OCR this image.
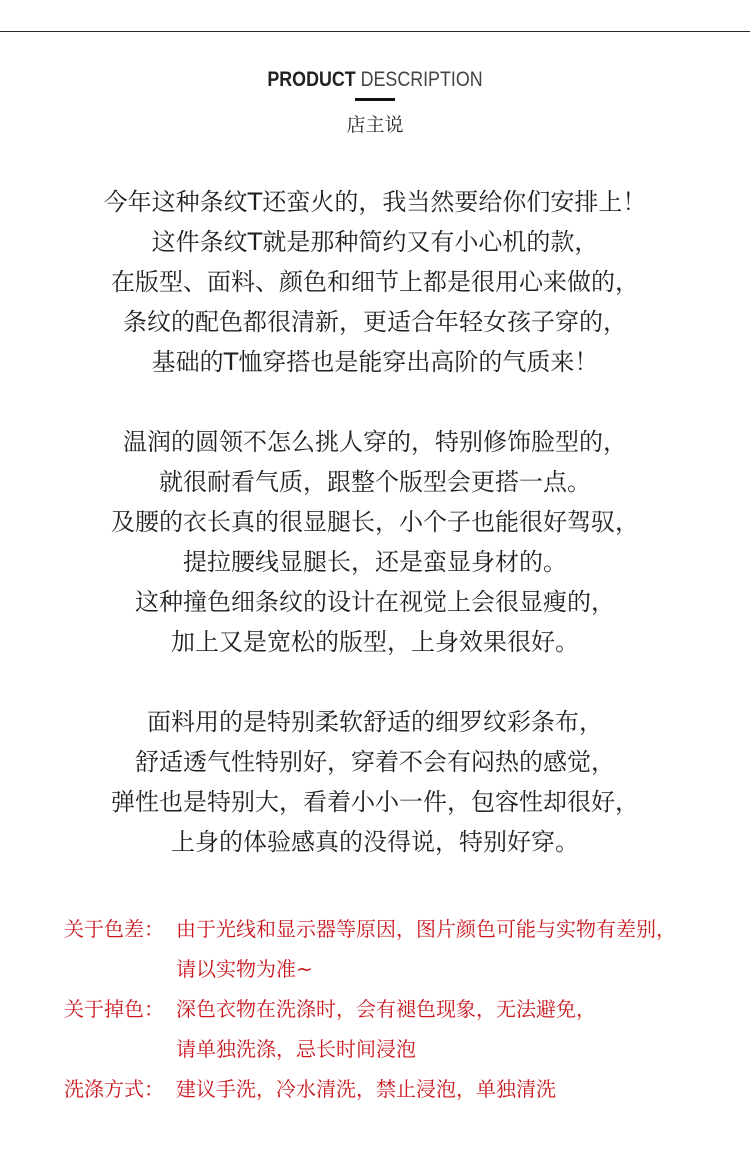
PRODUCT DESCRIPTION
店主说
今年这种条纹T还蛮火的，我当然要给你们安排上！
这件条纹T就是那种简约又有小心机的款，
在版型、面料、颜色和细节上都是很用心来做的，
条纹的配色都很清新，更适合年轻女孩子穿的，
基础的T恤穿搭也是能穿出高阶的气质来！
温润的圆领不怎么挑人穿的，特别修饰脸型的，
就很耐看气质，跟整个版型会更搭一点。
及腰的衣长真的很显腿长，小个子也能很好驾驭，
提拉腰线显腿长，还是蛮显身材的。
这种撞色细条纹的设计在视觉上会很显瘦的，
加上又是宽松的版型，上身效果很好。
面料用的是特别柔软舒适的细罗纹彩条布，
舒适透气性特别好，穿着不会有闷热的感觉，
弹性也是特别大，看着小小一件，包容性却很好，
上身的体验感真的没得说，特别好穿。
关于色差： 由于光线和显示器等原因，图片颜色可能与实物有差别，
请以实物为准~
关于掉色： 深色衣物在洗涤时，会有褪色现象，无法避免，
请单独洗涤，忌长时间浸泡
洗涤方式： 建议手洗，冷水清洗，禁止浸泡，单独清洗
